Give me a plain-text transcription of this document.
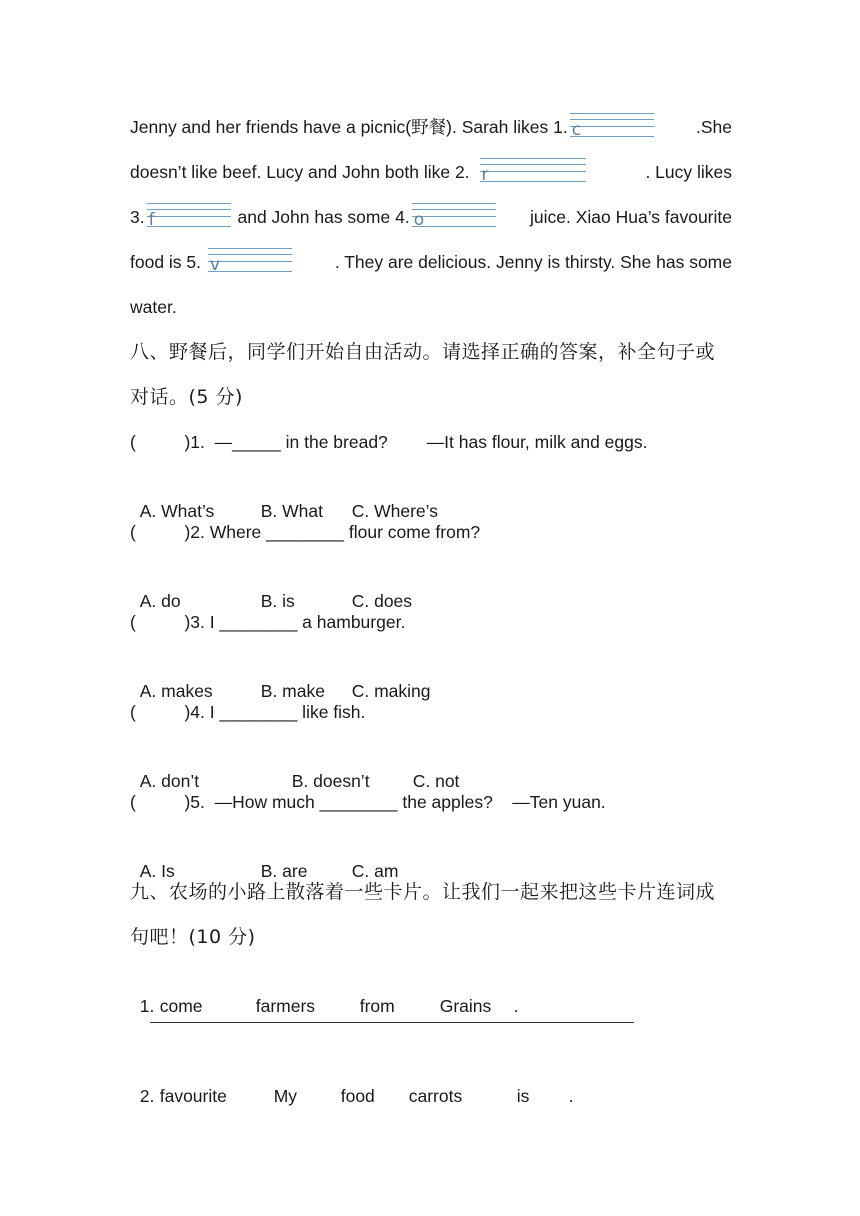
Jenny and her friends have a picnic(野餐). Sarah likes 1. c	.She
doesn’t like beef. Lucy and John both like 2. r	. Lucy likes
3. f	and John has some 4. o	juice. Xiao Hua’s favourite
food is 5. v	. They are delicious. Jenny is thirsty. She has some
water.
八、野餐后，同学们开始自由活动。请选择正确的答案，补全句子或
对话。(5 分)
(          )1.  —_____ in the bread?        —It has flour, milk and eggs.

A. What’s	B. What C. Where’s

(          )2. Where ________ flour come from?

A. do	B. is	C. does

(          )3. I ________ a hamburger.

A. makes	B. make C. making

(          )4. I ________ like fish.

A. don’t	B. doesn’t C. not

(          )5.  —How much ________ the apples?    —Ten yuan.

A. Is	B. are	C. am

九、农场的小路上散落着一些卡片。让我们一起来把这些卡片连词成
句吧！(10 分)

1. come	farmers	from	Grains .

2. favourite	My food carrots	is .
